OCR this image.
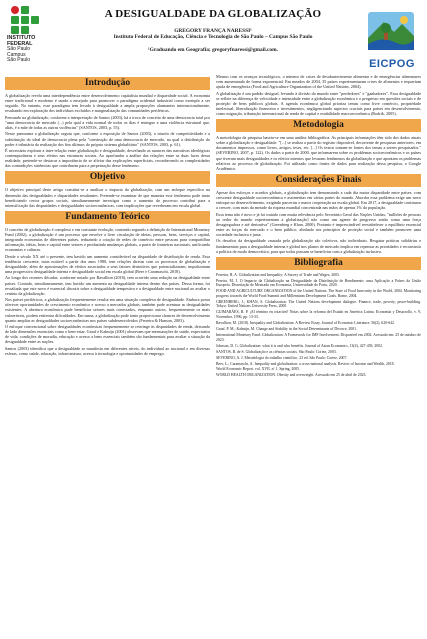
INSTITUTO
FEDERAL
São Paulo
Campus
São Paulo
A DESIGUALDADE DA GLOBALIZAÇÃO
GREGORY FRANÇA NARESSI¹
Instituto Federal de Educação, Ciência e Tecnologia de São Paulo – Campus São Paulo
¹Graduando em Geografia; gregoryfnaressi@gmail.com.
EICPOG
Introdução

A globalização revela uma interdependência entre desenvolvimento capitalista mundial e disparidade social. A economia entre tradicional e moderno é usada a ensejado para promover o paradigma ocidental industrial como exemplo a ser seguido. No entanto, esse paradigma tem levado à desigualdade a ampla proporções alarmantes internacionalmente, resultando em exploração dos indivíduos excluídos e marginalização das comunidades periféricas.

Pensando na globalização, conforme a interpretação de Santos (2003), há a troca de conceito de uma democracia total por "uma democracia de mercado (...) pela qual a vida normal de todos os dias é entregue a uma violência estrutural que, aliás, é a mãe de todas as outras violências" (SANTOS, 2003, p. 55).

Nesse panorama a globalização seguiu que, conforme a exposição de Santos (2003), o triunfo de competitividade e a substituição do ideal de democracia plena pela "construção de uma democracia de mercado, na qual a distribuição do poder é tributária da realização dos fins últimos do próprio sistema globalitário" (SANTOS, 2003, p. 61).

É necessário explorar a inter-relação entre globalização e desigualdade, desvelando as nuances das narrativas ideológicas contemporâneas e seus efeitos nas estruturas sociais. Ao aprofundar a análise das relações entre as duas faces dessa realidade, pretende-se destacar a importância de se aliviar das explicações superficiais, reconhecendo as complexidades das contradições sistêmicas que contribuem para a perpetuação desse fenômeno.

Objetivo

O objetivo principal deste artigo constitui-se a analisar o impacto da globalização, com um enfoque específico na dimensão das desigualdades e disparidades resultantes. Pretende-se examinar de que maneira esse fenômeno pode tanto beneficiando certos grupos sociais, simultaneamente investigar como o aumento do processo contribui para a intensificação das disparidades e desigualdades socioeconômicas, com implicações que reverberam em escala global.

Fundamento Teórico

O conceito de globalização é complexo e em constante evolução, contendo segundo a definição de International Monetary Fund (2002), a globalização é um processo que envolve a livre circulação de ideias, pessoas, bens, serviços e capital, integrando economias de diferentes países, reduzindo a criação de redes de comércio entre pessoas para compartilhar informação, ideias, bens e capital entre setores e produzindo mudanças globais, a partir de fronteiras nacionais, unificando economias e culturas.

Desde o século XX até o presente, tem havido um aumento considerável na disparidade de distribuição de renda. Essa tendência crescente, mais notável a partir dos anos 1980, tem relações diretas com os processos de globalização e desigualdade, além de aproximações de efeitos associados a seus fatores distintivos que potencializaram, impulsionam uma progressiva desigualdade interna e desigualdade social em escala global (Beer e Caramaschi, 2018).

Ao longo dos recentes décadas, conforme notado por Ravallion (2018), tem ocorrido uma redução na desigualdade entre países. Contudo, simultaneamente, tem havido um aumento na desigualdade interna dentro dos países. Dessa forma, foi ressaltada que este novo é essencial discutir sobre a desigualdade tempestiva e a desigualdade entre nacional ao avaliar o cenário da globalização.

Nos países periféricos, a globalização frequentemente resulta em uma situação complexa de desigualdade. Embora possa oferecer oportunidades de crescimento econômico e acesso a mercados globais, também pode acentuar as desigualdades existentes. A abertura econômica pode beneficiar setores mais conectados, enquanto outros, frequentemente os mais vulneráveis, podem enfrentar dificuldades. Em suma, a globalização pode tanto proporcionar chances de desenvolvimento quanto ampliar as desigualdades socioeconômicas nos países subdesenvolvidos (Ferreira & Hanson, 2003).

O enfoque convencional sobre desigualdades econômicas frequentemente se restringe às disparidades de renda, deixando de lado dimensões essenciais como o bem-estar. Graaf e Kalmijn (2001) observam que mensurações de saúde, expectativa de vida, condições de moradia, educação e acesso a bens essenciais também são fundamentais para avaliar a situação da desigualdade entre as nações.

Santos (2003) identifica que a desigualdade se manifesta em diferentes níveis, do individual ao nacional e em diversas esferas, como saúde, educação, infraestrutura, acesso à tecnologia e oportunidades de emprego.

Mesmo com os avanços tecnológicos, o número de crises de desabastecimento alimentar e de emergências alimentares vem aumentando de forma exponencial. Em meados de 2004, 35 países experimentaram crises de alimentos e requeriam ajuda de emergência (Food and Agriculture Organization of the United Nations, 2004).

A globalização é um padrão desigual, levando à divisão do mundo entre "perdedores" e "ganhadores". Essa desigualdade se reflete na diferença de velocidade e intensidade entre a globalização econômica e o progresso em questões sociais e de proteção de bens públicos globais. A agenda econômica global prioriza temas como livre comércio, propriedade intelectual, liberalização financeira e investimentos, negligenciando aspectos cruciais para países em desenvolvimento, como migração, tributação internacional de renda de capital e estabilidade macroeconômica (Rodrik, 2005).

Metodologia

A metodologia da pesquisa baseia-se em uma análise bibliográfica. As principais informações têm sido dos dados atuais sobre a globalização e desigualdade. "[...] se realiza a partir do registro disponível, decorrente de pesquisas anteriores, em documentos impressos, como livros, artigos, teses, etc. [...] Os textos tornam-se fontes dos temas a serem pesquisados." (SEVERINO, 2007, p. 122). Os dados a partir de 2000, que informarem sobre os problemas socioeconômicos e os países que tiveram mais desigualdades e os efeitos internos que levaram fenômenos da globalização e que apontam os problemas relativos ao processo de globalização. Foi utilizado como fontes de dados para realização dessa pesquisa, o Google Acadêmico.

Considerações Finais

Apesar dos esforços e acordos globais, a globalização tem demonstrado a cada dia maior disparidade entre países, com crescente desigualdade socioeconômica e assimetrias em várias partes do mundo. Abordar essa problema exige um novo enfoque no desenvolvimento, exigindo parcerias e maior cooperação na escala global. Em 2017, a desigualdade continuou a crescer, com mais da metade da riqueza mundial concentrada nas mãos de apenas 1% da população.

Essa tema não é novo e já foi tratado com muita relevância pelo Secretário Geral das Nações Unidas, "milhões de pessoas ao redor do mundo experimentam a globalização] não como um agente de progresso senão como uma força desagregadora e até destrutiva" (Greenberg e Khan, 2000). Portanto é imprescindível reestabelecer o equilíbrio essencial entre as forças do mercado e o bem público, alinhado aos princípios de proteção social e também promover uma sociedade inclusiva e justa.

Os desafios da desigualdade causada pela globalização são coletivos, não individuais. Resgatar práticas solidárias e fundamentais para a desigualdade interna e global nos planos de mercado implica em repensar as prioridades e reconstruir a política de modo democrático, para que todos possam se beneficiar com a globalização inclusiva.

Bibliografia

Ferreira, R. A. Globalization and Inequality: A Survey of Trade and Wages, 2003.

Pereira, M. J. O Impacto da Globalização na Desigualdade da Distribuição de Rendimento: uma Aplicação a Países da União Europeia. Dissertação de Mestrado em Economia, Universidade do Porto, 2020.

FOOD AND AGRICULTURE ORGANIZATION of the United Nations. The State of Food Insecurity in the World, 2004. Monitoring progress towards the World Food Summit and Millennium Development Goals. Rome, 2004.

GREENBERG, J.; KHAN, S. Globalization: The United Nations development dialogue. Finance, trade, poverty, peace-building. Tokyo: United Nations University Press, 2000.

GUIMARÃES, R. P. ¿El término en rotación? Notas sobre la reforma del Estado en América Latina. Economía y Desarrollo, v. 9, November, 1996, pp. 13-33.

Ravallion, M. (2018). Inequality and Globalization: A Review Essay. Journal of Economic Literature, 56(2), 620-642.

Graaf, P. M.; Kalmijn, M. Change and Stability in the Social Determinants of Divorce, 2001.

International Monetary Fund. Globalization: A Framework for IMF Involvement. Disponível em 2002. Acessado em: 25 de outubro de 2023.

Johnson, D. G. Globalization: what it is and who benefits. Journal of Asian Economics, 13(4), 427-439, 2002.

SANTOS, B. de S. Globalização e as ciências sociais. São Paulo: Cortez, 2003.

SEVERINO, A. J. Metodologia do trabalho científico. 23 ed. São Paulo: Cortez, 2007.

Beer, L.; Caramaschi, A. Inequality and globalization: a cross-national analysis. Review of Income and Wealth, 2018.

World Economic Report. vol. XVII, nº 1. Spring, 2005.

WORLD HEALTH ORGANIZATION. Obesity and overweight. Acessado em 25 de abril de 2023.
